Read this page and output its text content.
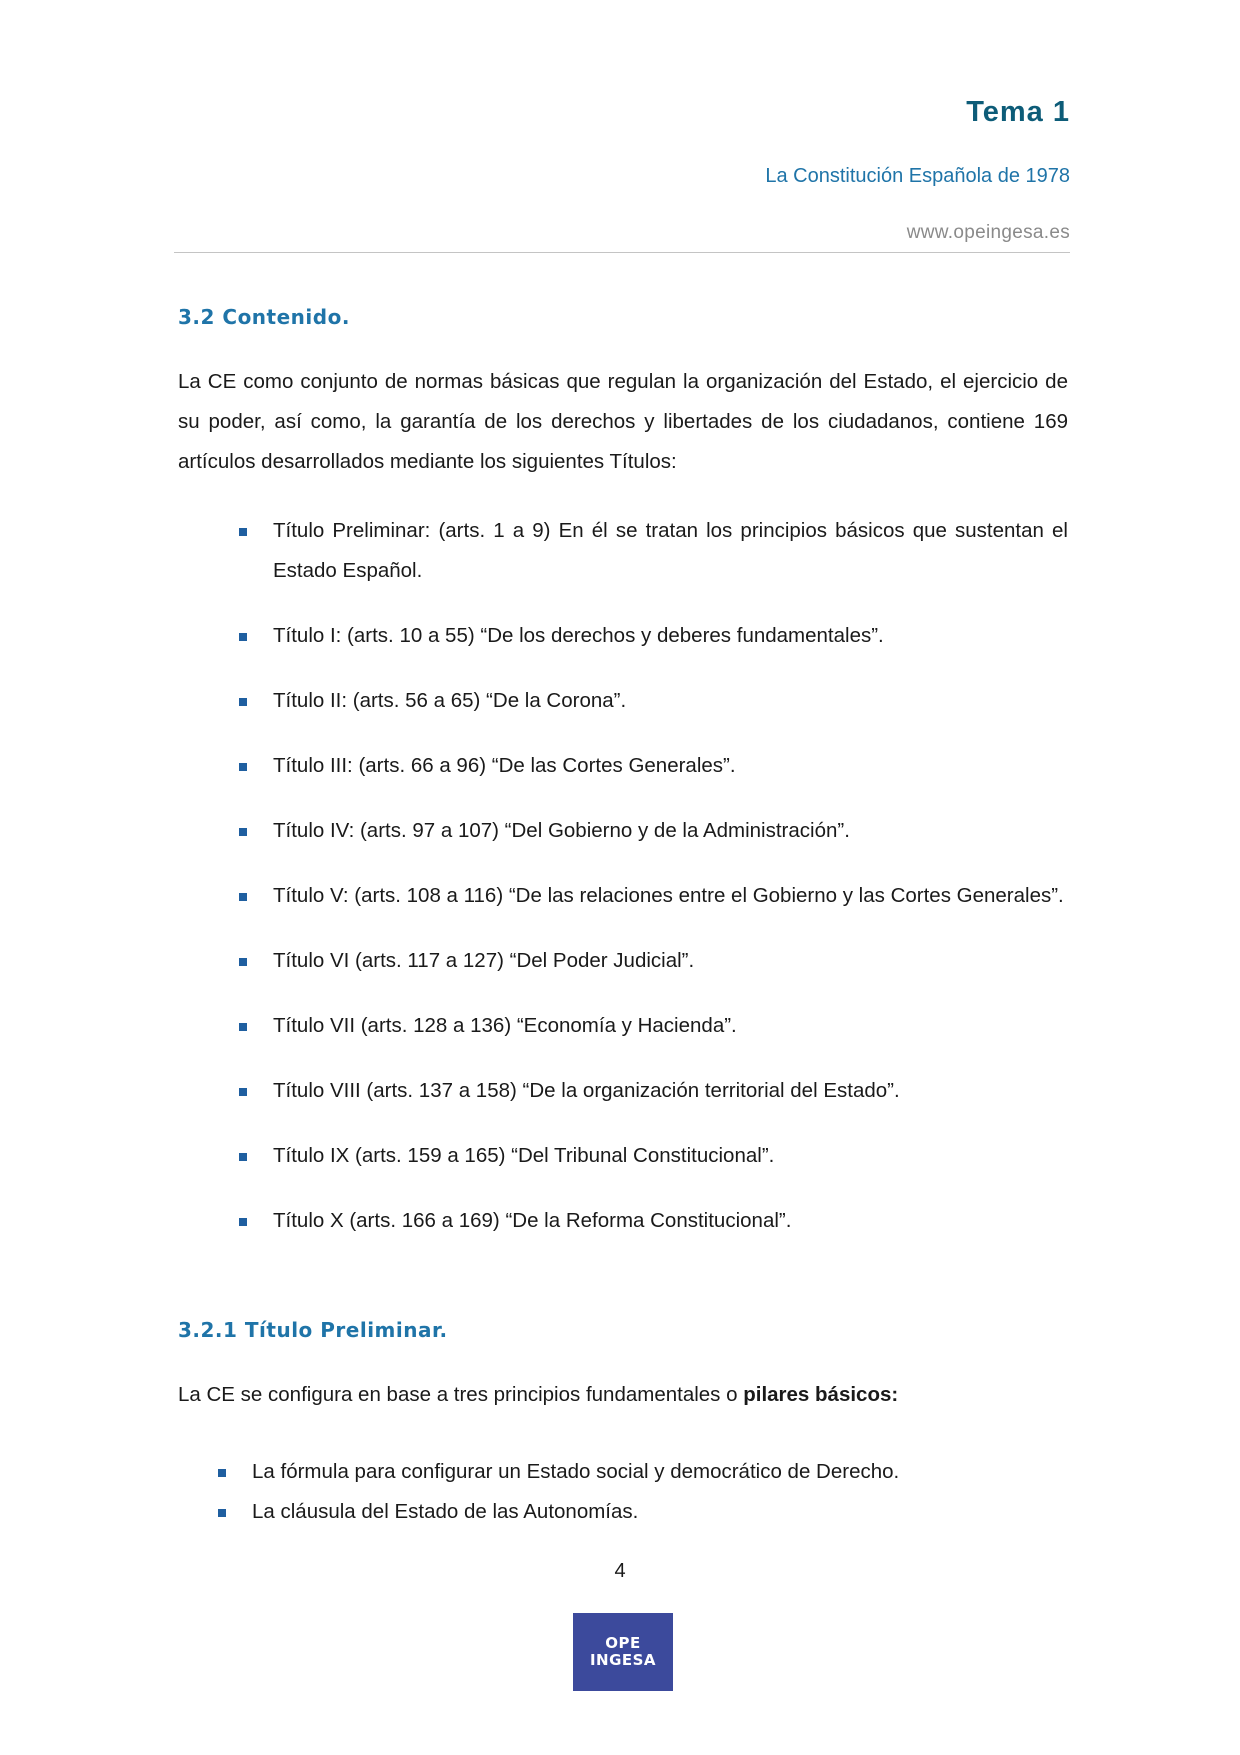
Tema 1
La Constitución Española de 1978
www.opeingesa.es
3.2 Contenido.
La CE como conjunto de normas básicas que regulan la organización del Estado, el ejercicio de su poder, así como, la garantía de los derechos y libertades de los ciudadanos, contiene 169 artículos desarrollados mediante los siguientes Títulos:
Título Preliminar: (arts. 1 a 9) En él se tratan los principios básicos que sustentan el Estado Español.
Título I: (arts. 10 a 55) “De los derechos y deberes fundamentales”.
Título II: (arts. 56 a 65) “De la Corona”.
Título III: (arts. 66 a 96) “De las Cortes Generales”.
Título IV: (arts. 97 a 107) “Del Gobierno y de la Administración”.
Título V: (arts. 108 a 116) “De las relaciones entre el Gobierno y las Cortes Generales”.
Título VI (arts. 117 a 127) “Del Poder Judicial”.
Título VII (arts. 128 a 136) “Economía y Hacienda”.
Título VIII (arts. 137 a 158) “De la organización territorial del Estado”.
Título IX (arts. 159 a 165) “Del Tribunal Constitucional”.
Título X (arts. 166 a 169) “De la Reforma Constitucional”.
3.2.1 Título Preliminar.
La CE se configura en base a tres principios fundamentales o pilares básicos:
La fórmula para configurar un Estado social y democrático de Derecho.
La cláusula del Estado de las Autonomías.
4
OPE
INGESA
